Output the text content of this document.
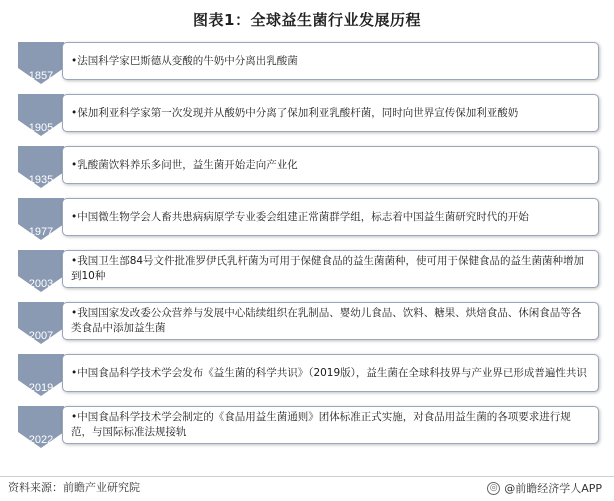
图表1：全球益生菌行业发展历程
1857
•法国科学家巴斯德从变酸的牛奶中分离出乳酸菌
1905
•保加利亚科学家第一次发现并从酸奶中分离了保加利亚乳酸杆菌，同时向世界宣传保加利亚酸奶
1935
•乳酸菌饮料养乐多问世，益生菌开始走向产业化
1977
•中国微生物学会人畜共患病病原学专业委会组建正常菌群学组，标志着中国益生菌研究时代的开始
2003
•我国卫生部84号文件批准罗伊氏乳杆菌为可用于保健食品的益生菌菌种，使可用于保健食品的益生菌菌种增加到10种
2007
•我国国家发改委公众营养与发展中心陆续组织在乳制品、婴幼儿食品、饮料、糖果、烘焙食品、休闲食品等各类食品中添加益生菌
2019
•中国食品科学技术学会发布《益生菌的科学共识》（2019版），益生菌在全球科技界与产业界已形成普遍性共识
2022
•中国食品科学技术学会制定的《食品用益生菌通则》团体标准正式实施，对食品用益生菌的各项要求进行规范，与国际标准法规接轨
资料来源：前瞻产业研究院	◎ @前瞻经济学人APP
